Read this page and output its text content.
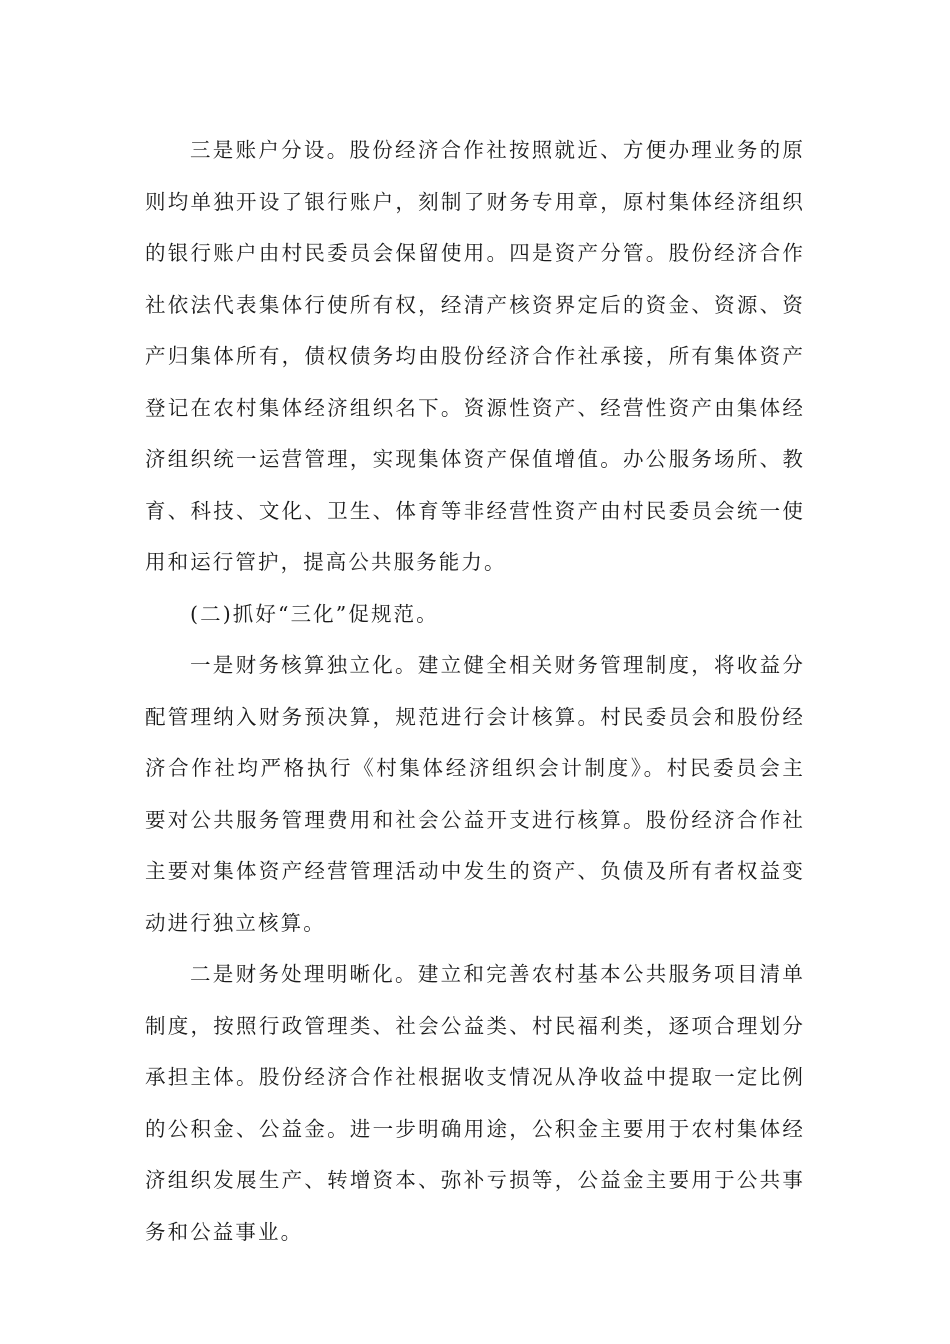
三是账户分设。股份经济合作社按照就近、方便办理业务的原则均单独开设了银行账户，刻制了财务专用章，原村集体经济组织的银行账户由村民委员会保留使用。四是资产分管。股份经济合作社依法代表集体行使所有权，经清产核资界定后的资金、资源、资产归集体所有，债权债务均由股份经济合作社承接，所有集体资产登记在农村集体经济组织名下。资源性资产、经营性资产由集体经济组织统一运营管理，实现集体资产保值增值。办公服务场所、教育、科技、文化、卫生、体育等非经营性资产由村民委员会统一使用和运行管护，提高公共服务能力。

(二)抓好“三化”促规范。

一是财务核算独立化。建立健全相关财务管理制度，将收益分配管理纳入财务预决算，规范进行会计核算。村民委员会和股份经济合作社均严格执行《村集体经济组织会计制度》。村民委员会主要对公共服务管理费用和社会公益开支进行核算。股份经济合作社主要对集体资产经营管理活动中发生的资产、负债及所有者权益变动进行独立核算。

二是财务处理明晰化。建立和完善农村基本公共服务项目清单制度，按照行政管理类、社会公益类、村民福利类，逐项合理划分承担主体。股份经济合作社根据收支情况从净收益中提取一定比例的公积金、公益金。进一步明确用途，公积金主要用于农村集体经济组织发展生产、转增资本、弥补亏损等，公益金主要用于公共事务和公益事业。
